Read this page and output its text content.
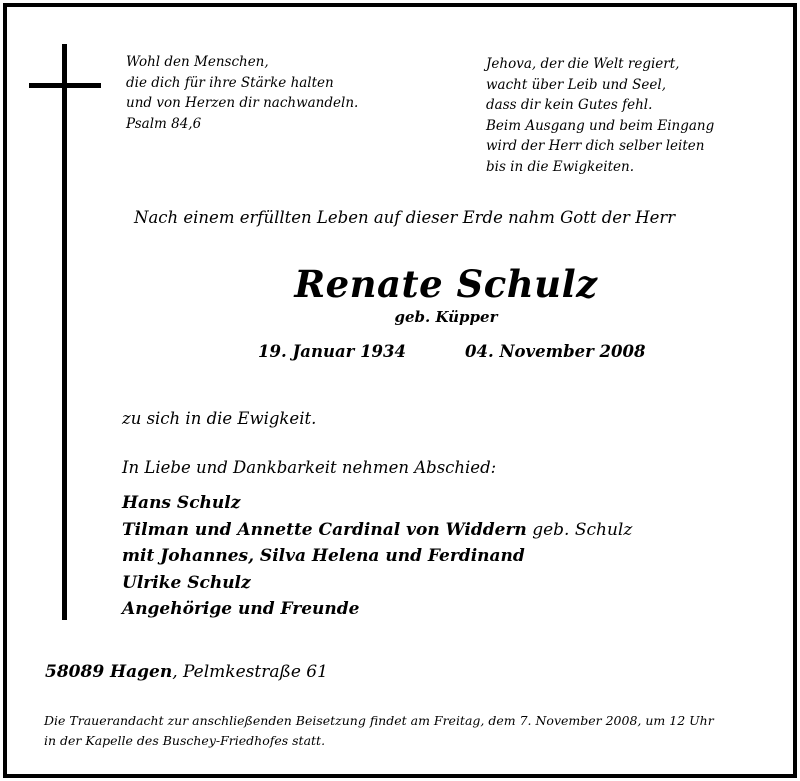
Wohl den Menschen,
die dich für ihre Stärke halten
und von Herzen dir nachwandeln.
Psalm 84,6
Jehova, der die Welt regiert,
wacht über Leib und Seel,
dass dir kein Gutes fehl.
Beim Ausgang und beim Eingang
wird der Herr dich selber leiten
bis in die Ewigkeiten.
Nach einem erfüllten Leben auf dieser Erde nahm Gott der Herr
Renate Schulz
geb. Küpper
19. Januar 1934	04. November 2008
zu sich in die Ewigkeit.
In Liebe und Dankbarkeit nehmen Abschied:
Hans Schulz
Tilman und Annette Cardinal von Widdern geb. Schulz
mit Johannes, Silva Helena und Ferdinand
Ulrike Schulz
Angehörige und Freunde
58089 Hagen, Pelmkestraße 61
Die Trauerandacht zur anschließenden Beisetzung findet am Freitag, dem 7. November 2008, um 12 Uhr
in der Kapelle des Buschey-Friedhofes statt.
